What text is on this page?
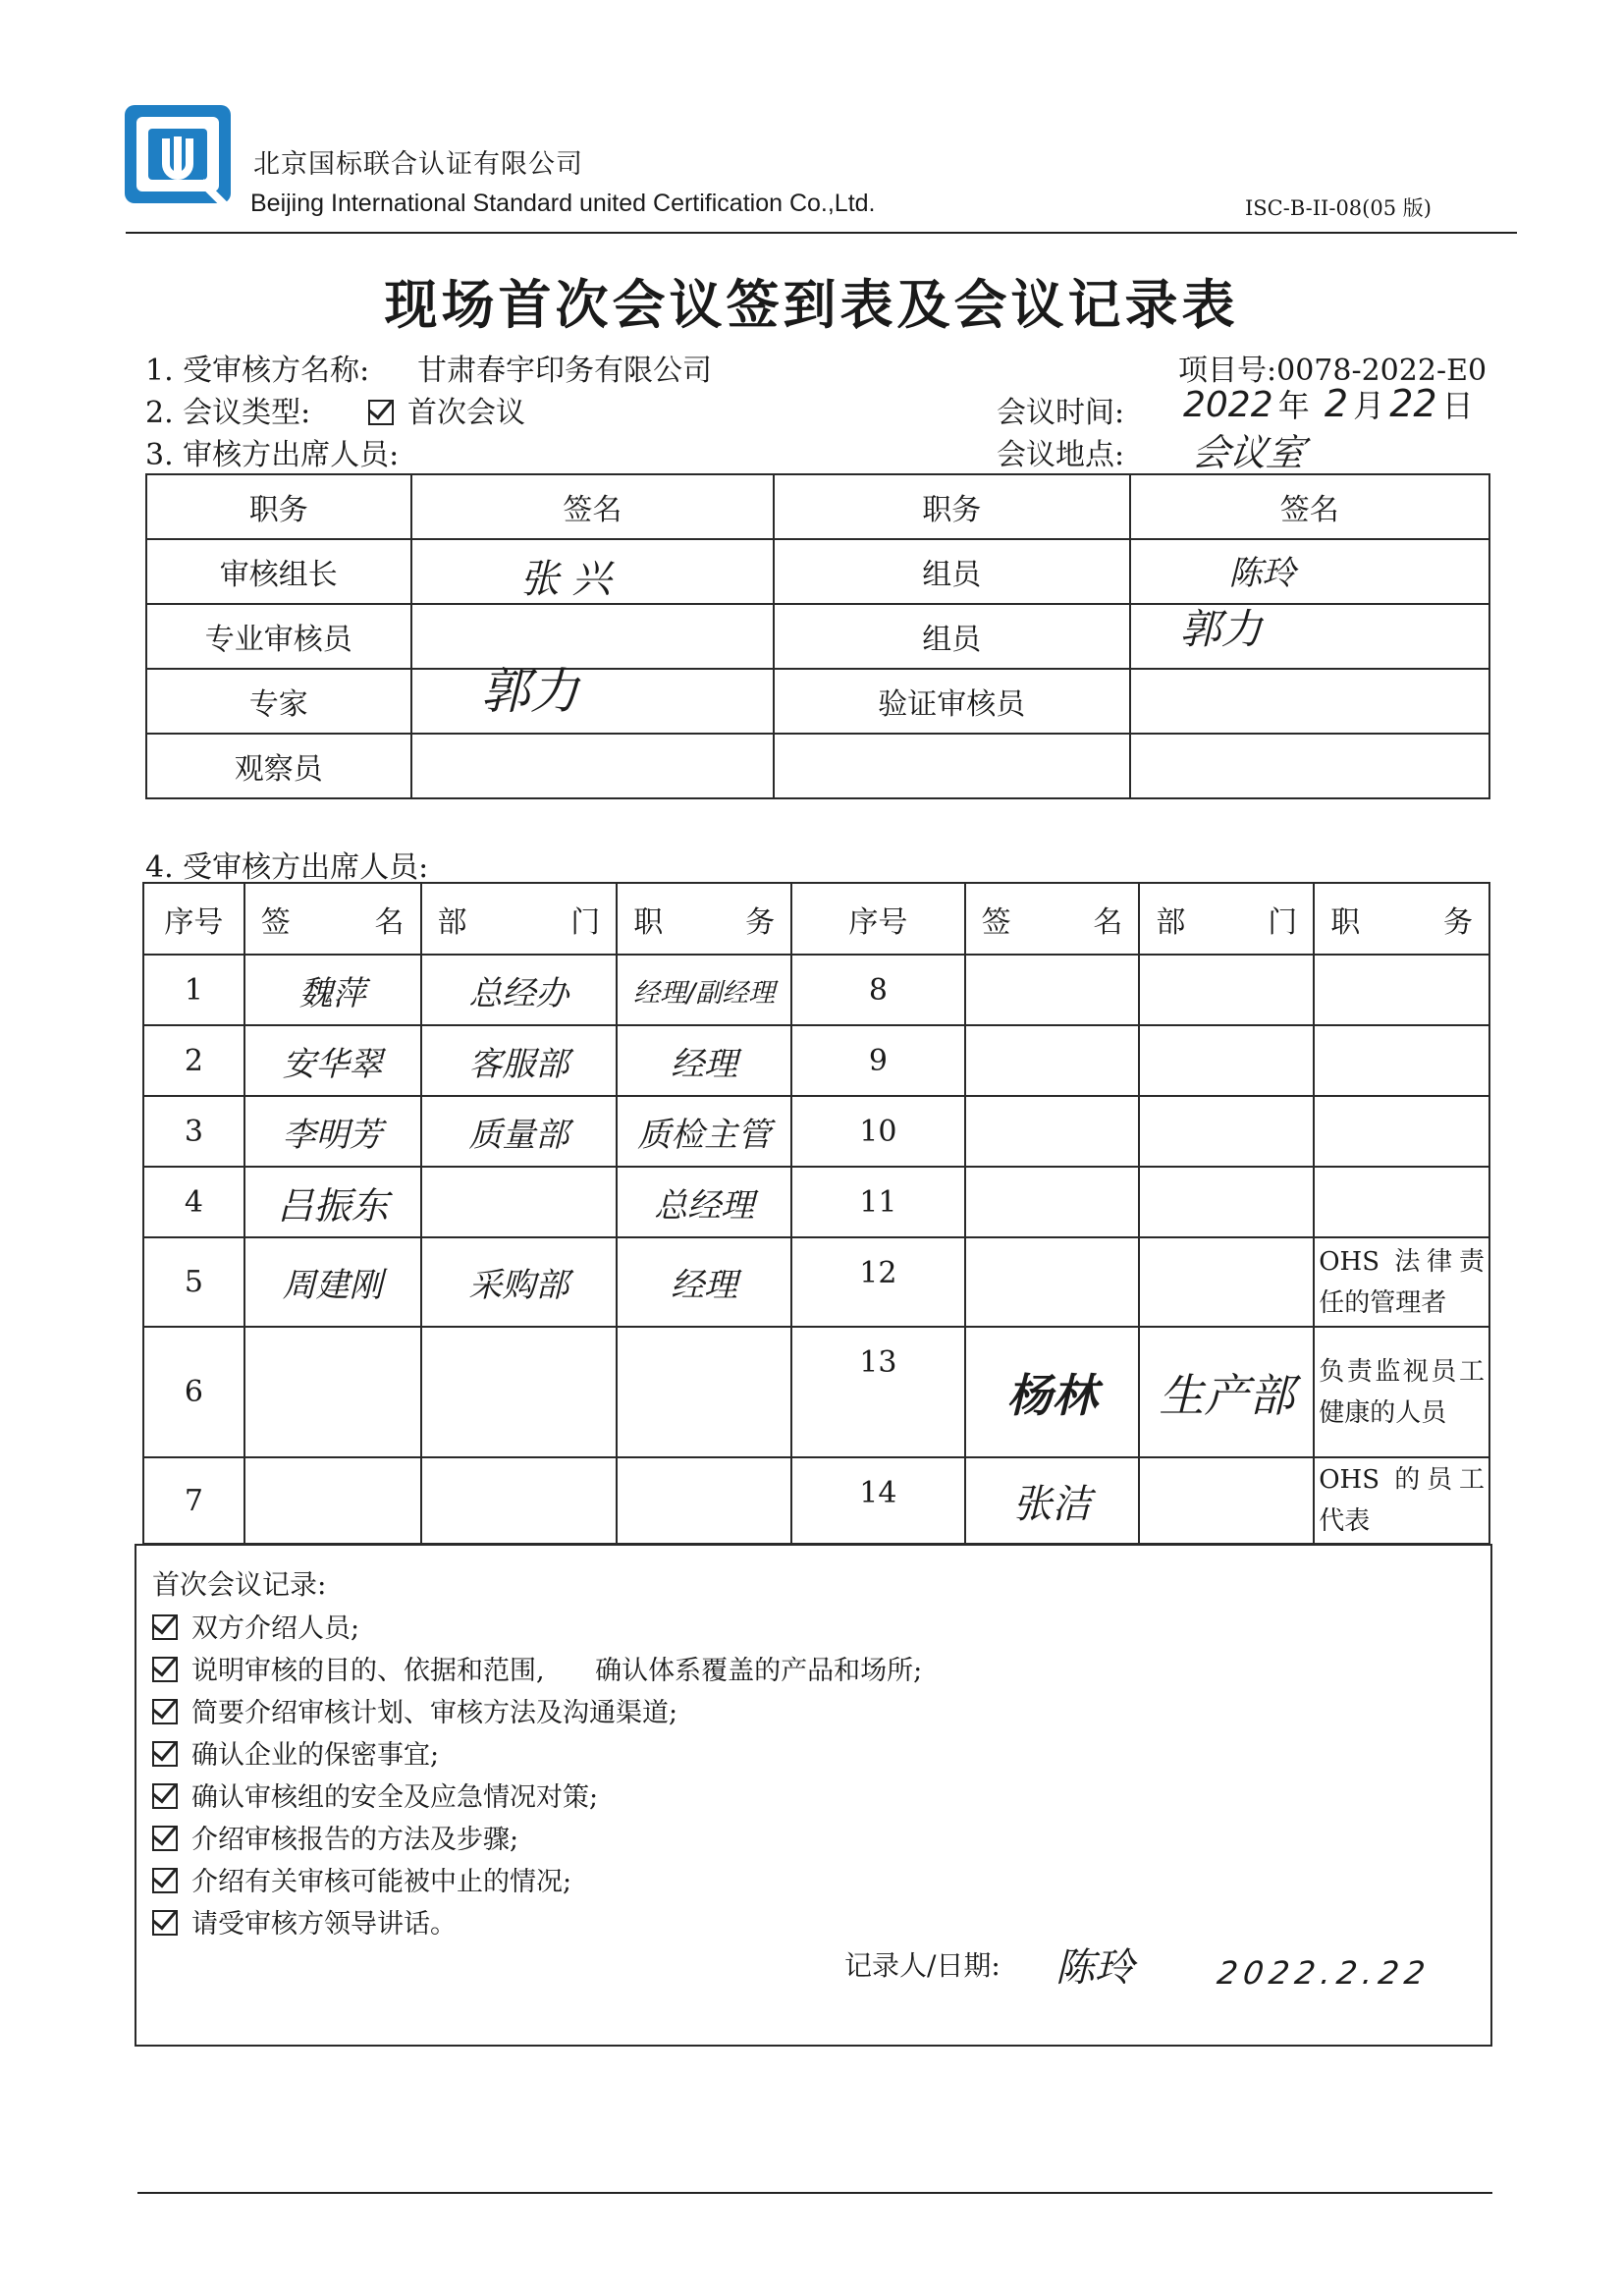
北京国标联合认证有限公司
Beijing International Standard united Certification Co.,Ltd.	ISC-B-II-08(05 版)
现场首次会议签到表及会议记录表
1. 受审核方名称: 甘肃春宇印务有限公司	项目号:0078-2022-E0
2. 会议类型:	首次会议	会议时间: 2022 年 2 月 22 日
3. 审核方出席人员:	会议地点: 会议室
职务	签名	职务	签名
审核组长	张 兴	组员	陈玲

专业审核员		组员	郭力

专家	郭力	验证审核员	
观察员			
4. 受审核方出席人员:
序号	签 名	部 门	职 务	序号	签 名	部 门	职 务

1	魏萍	总经办	经理/副经理	8			
2	安华翠	客服部	经理	9			
3	李明芳	质量部	质检主管	10			
4	吕振东		总经理	11			
5	周建刚	采购部	经理	12			OHS 法律责任的管理者
6				13	杨林	生产部	负责监视员工健康的人员
7				14	张洁		OHS 的员工代表
首次会议记录:
双方介绍人员;
说明审核的目的、依据和范围,      确认体系覆盖的产品和场所;
简要介绍审核计划、审核方法及沟通渠道;
确认企业的保密事宜;
确认审核组的安全及应急情况对策;
介绍审核报告的方法及步骤;
介绍有关审核可能被中止的情况;
请受审核方领导讲话。
记录人/日期: 陈玲	2022.2.22
